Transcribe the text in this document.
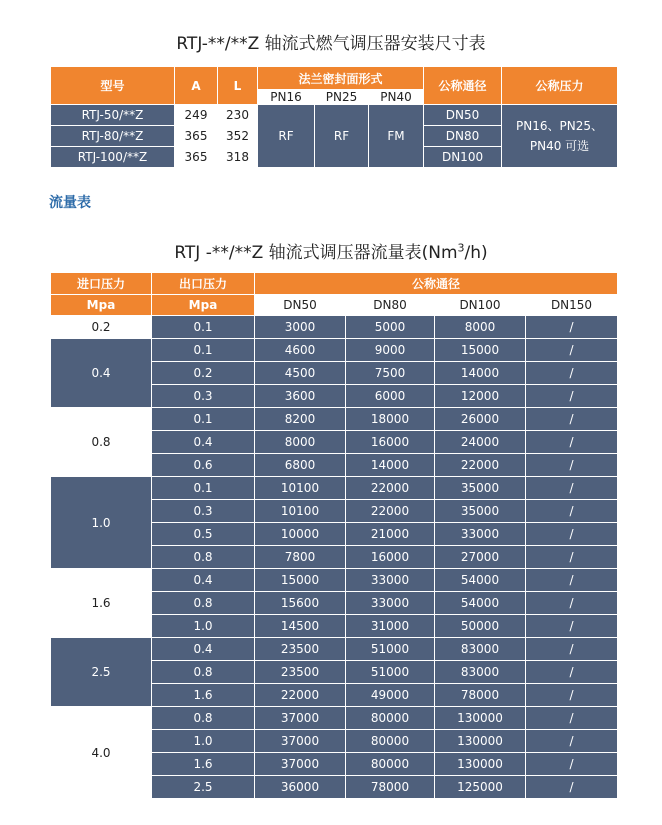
RTJ-**/**Z 轴流式燃气调压器安装尺寸表
型号	A	L	法兰密封面形式			公称通径	公称压力
			PN16	PN25	PN40		
RTJ-50/**Z	249	230	RF	RF	FM	DN50	PN16、PN25、PN40 可选
RTJ-80/**Z	365	352				DN80	
RTJ-100/**Z	365	318				DN100	
流量表
RTJ -**/**Z 轴流式调压器流量表(Nm$^3$/h)
进口压力	出口压力	公称通径			
Mpa	Mpa	DN50	DN80	DN100	DN150
0.2	0.1	3000	5000	8000	/
0.4	0.1	4600	9000	15000	/
	0.2	4500	7500	14000	/
	0.3	3600	6000	12000	/
0.8	0.1	8200	18000	26000	/
	0.4	8000	16000	24000	/
	0.6	6800	14000	22000	/
1.0	0.1	10100	22000	35000	/
	0.3	10100	22000	35000	/
	0.5	10000	21000	33000	/
	0.8	7800	16000	27000	/
1.6	0.4	15000	33000	54000	/
	0.8	15600	33000	54000	/
	1.0	14500	31000	50000	/
2.5	0.4	23500	51000	83000	/
	0.8	23500	51000	83000	/
	1.6	22000	49000	78000	/
4.0	0.8	37000	80000	130000	/
	1.0	37000	80000	130000	/
	1.6	37000	80000	130000	/
	2.5	36000	78000	125000	/
